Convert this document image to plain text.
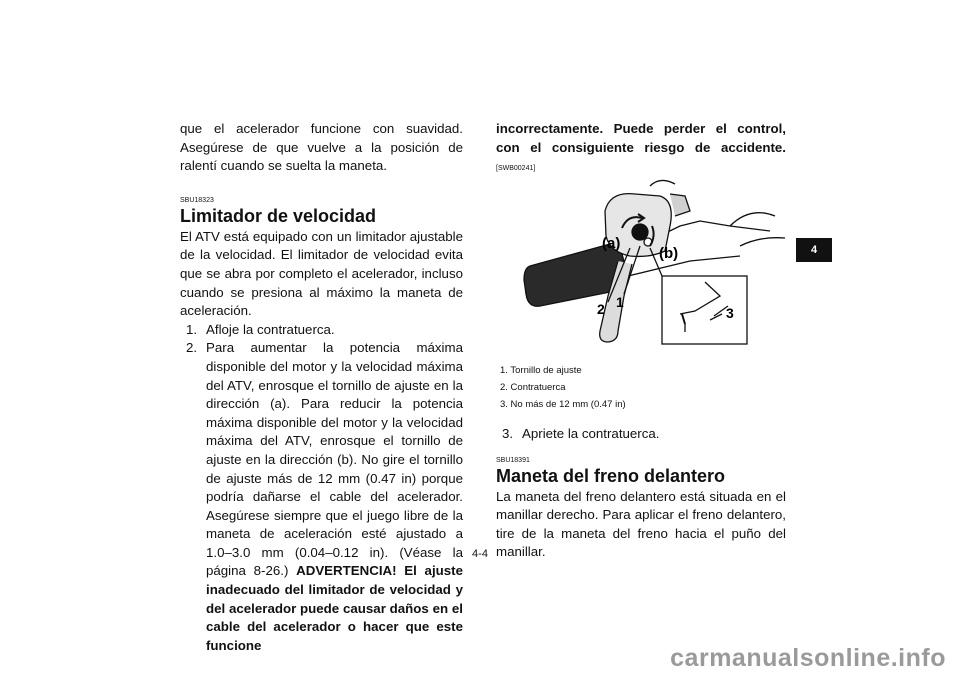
que el acelerador funcione con suavidad. Asegúrese de que vuelve a la posición de ralentí cuando se suelta la maneta.

SBU18323

Limitador de velocidad

El ATV está equipado con un limitador ajustable de la velocidad. El limitador de velocidad evita que se abra por completo el acelerador, incluso cuando se presiona al máximo la maneta de aceleración.

1. Afloje la contratuerca.
2. Para aumentar la potencia máxima disponible del motor y la velocidad máxima del ATV, enrosque el tornillo de ajuste en la dirección (a). Para reducir la potencia máxima disponible del motor y la velocidad máxima del ATV, enrosque el tornillo de ajuste en la dirección (b). No gire el tornillo de ajuste más de 12 mm (0.47 in) porque podría dañarse el cable del acelerador. Asegúrese siempre que el juego libre de la maneta de aceleración esté ajustado a 1.0–3.0 mm (0.04–0.12 in). (Véase la página 8-26.) ADVERTENCIA! El ajuste inadecuado del limitador de velocidad y del acelerador puede causar daños en el cable del acelerador o hacer que este funcione

incorrectamente. Puede perder el control, con el consiguiente riesgo de accidente.[SWB00241]

(a)
(b)
1
2	3

1. Tornillo de ajuste

2. Contratuerca

3. No más de 12 mm (0.47 in)

3. Apriete la contratuerca.

SBU18391

Maneta del freno delantero

La maneta del freno delantero está situada en el manillar derecho. Para aplicar el freno delantero, tire de la maneta del freno hacia el puño del manillar.

4-4
4
carmanualsonline.info
